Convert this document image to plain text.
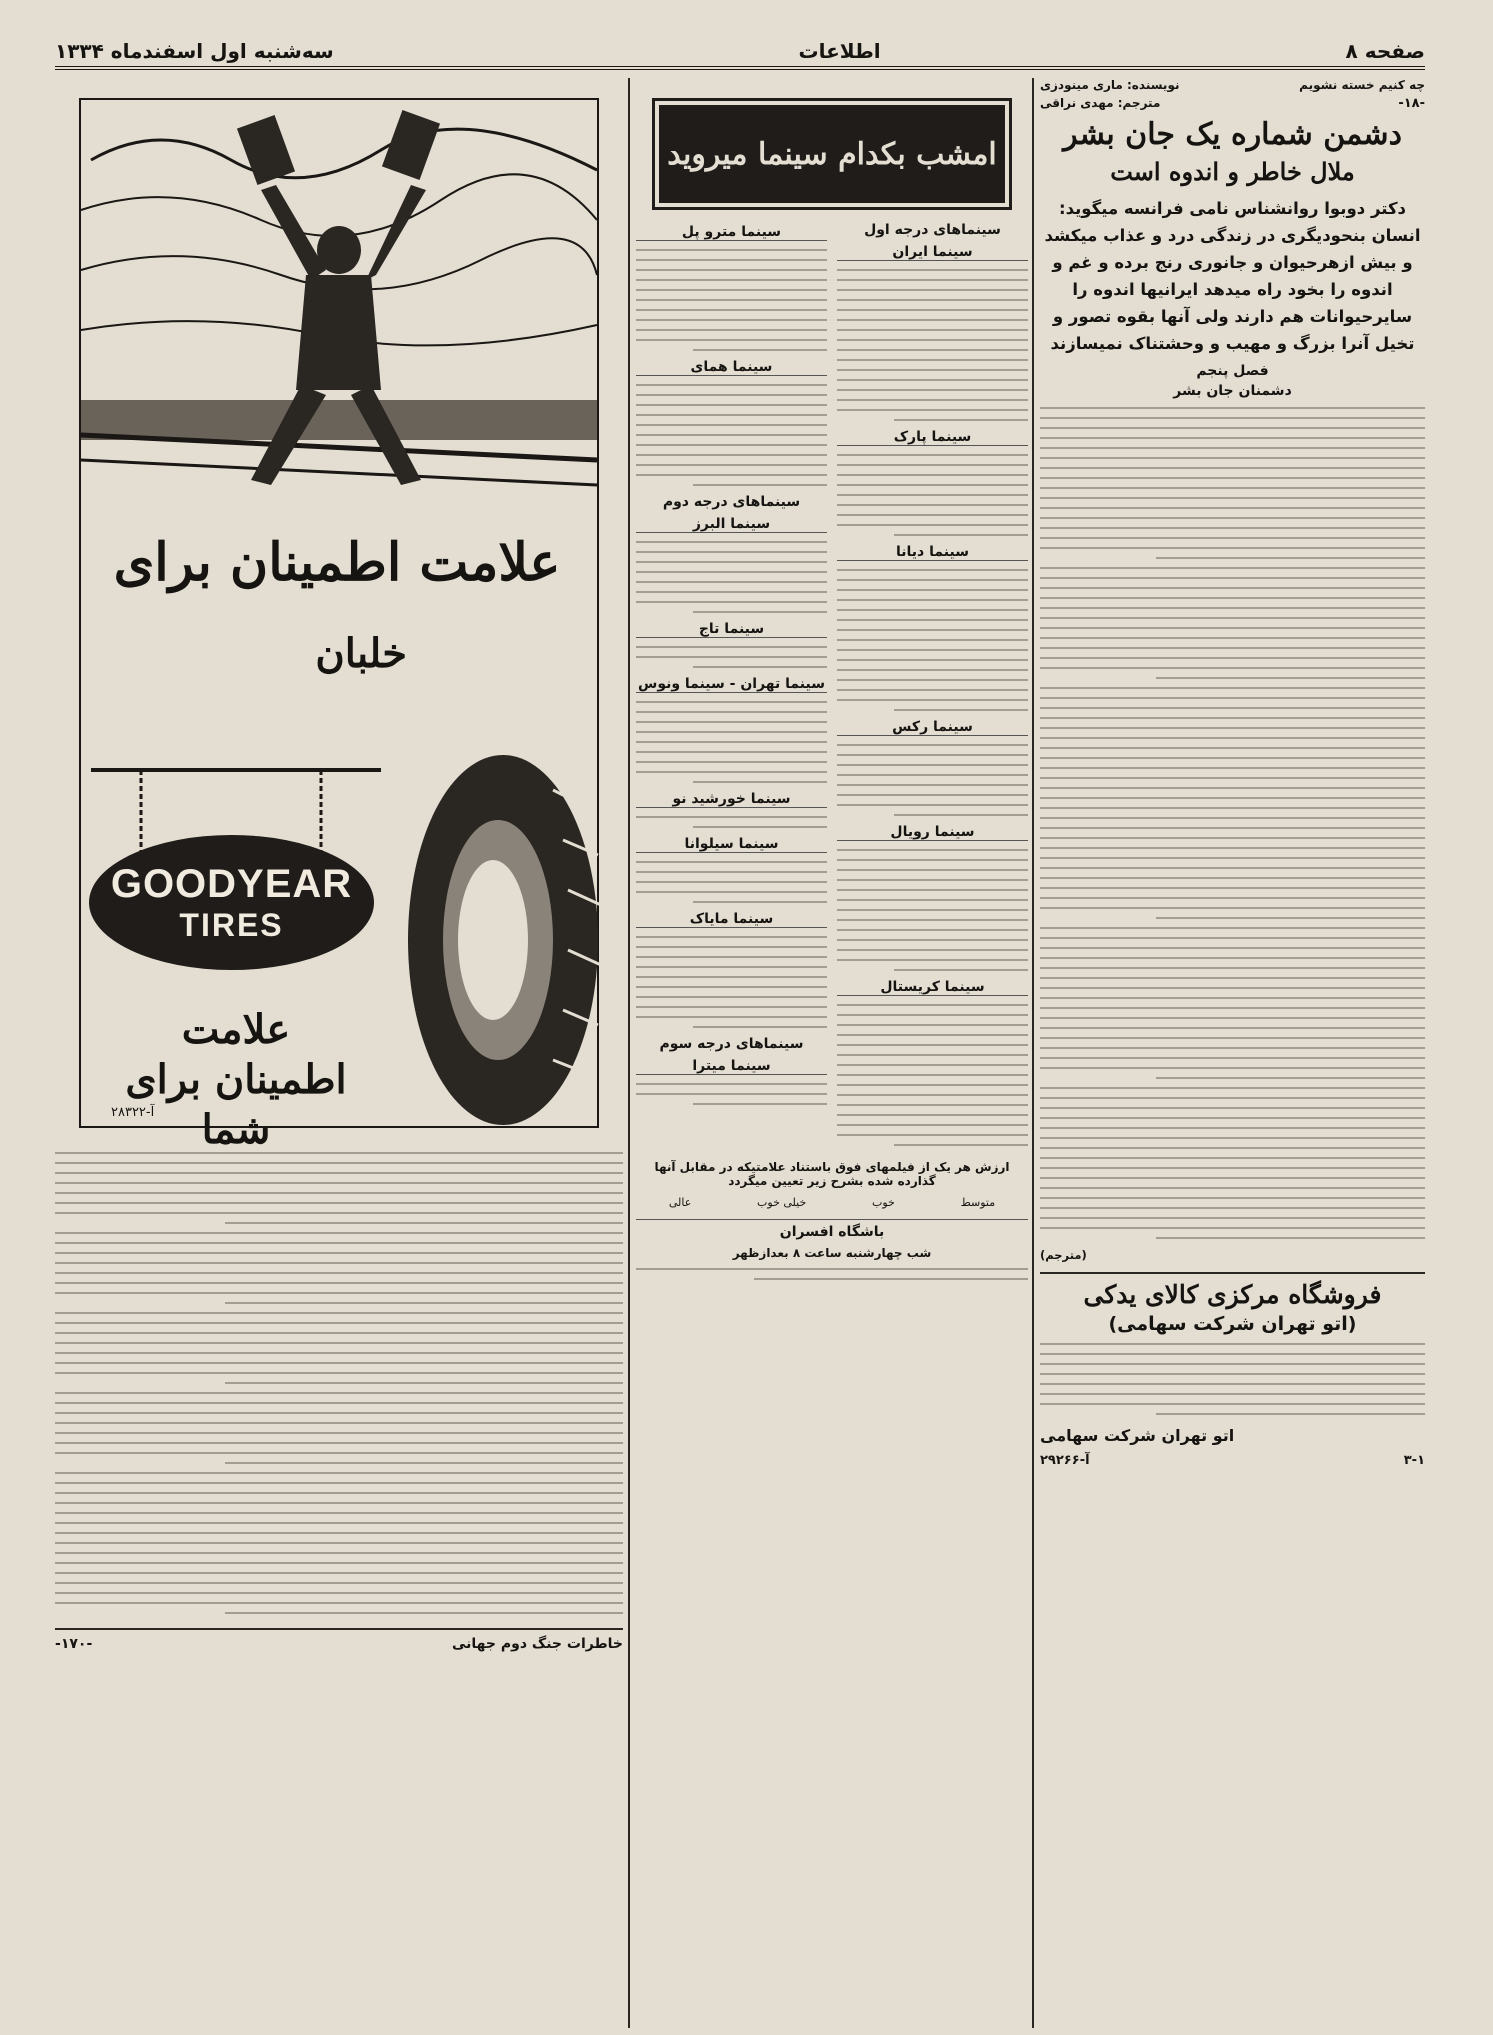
صفحه ۸
اطلاعات
سه‌شنبه اول اسفندماه ۱۳۳۴
چه کنیم خسته نشویم
نویسنده: ماری مینودزی
-۱۸-
مترجم: مهدی نراقی
دشمن شماره یک جان بشر
ملال خاطر و اندوه است
دکتر دوبوا روانشناس نامی فرانسه میگوید: انسان بنحودیگری در زندگی درد و عذاب میکشد و بیش ازهرحیوان و جانوری رنج برده و غم و اندوه را بخود راه میدهد ایرانیها اندوه را سایرحیوانات هم دارند ولی آنها بقوه تصور و تخیل آنرا بزرگ و مهیب و وحشتناک نمیسازند
فصل پنجم
دشمنان جان بشر
(مترجم)
فروشگاه مرکزی کالای یدکی
(اتو تهران شرکت سهامی)
اتو تهران شرکت سهامی
۳-۱
آ-۲۹۲۶۶
امشب بکدام سینما میروید
سینماهای درجه اول
سینما ایران
سینما پارک
سینما دیانا
سینما رکس
سینما رویال
سینما کریستال
سینما مترو پل
سینما همای
سینماهای درجه دوم
سینما البرز
سینما تاج
سینما تهران - سینما ونوس
سینما خورشید نو
سینما سیلوانا
سینما مایاک
سینماهای درجه سوم
سینما میترا
ارزش هر یک از فیلمهای فوق باستناد علامتیکه در مقابل آنها گذارده شده بشرح زیر تعیین میگردد
متوسط
خوب
خیلی خوب
عالی
باشگاه افسران
شب چهارشنبه ساعت ۸ بعدازظهر
علامت اطمینان برای
خلبان
GOODYEAR
TIRES
علامت اطمینان برای شما
آ-۲۸۳۲۲
خاطرات جنگ دوم جهانی
-۱۷۰-
